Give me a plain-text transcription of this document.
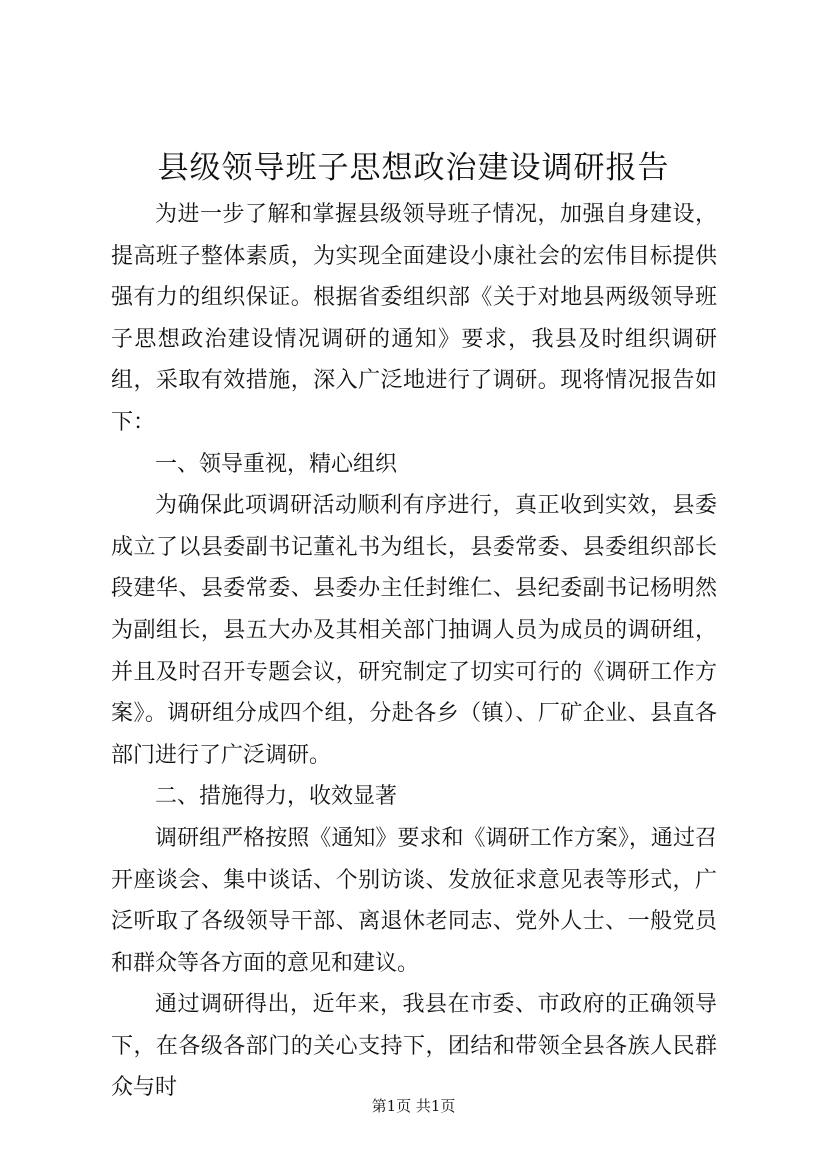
县级领导班子思想政治建设调研报告

为进一步了解和掌握县级领导班子情况，加强自身建设，提高班子整体素质，为实现全面建设小康社会的宏伟目标提供强有力的组织保证。根据省委组织部《关于对地县两级领导班子思想政治建设情况调研的通知》要求，我县及时组织调研组，采取有效措施，深入广泛地进行了调研。现将情况报告如下：

一、领导重视，精心组织

为确保此项调研活动顺利有序进行，真正收到实效，县委成立了以县委副书记董礼书为组长，县委常委、县委组织部长段建华、县委常委、县委办主任封维仁、县纪委副书记杨明然为副组长，县五大办及其相关部门抽调人员为成员的调研组，并且及时召开专题会议，研究制定了切实可行的《调研工作方案》。调研组分成四个组，分赴各乡（镇）、厂矿企业、县直各部门进行了广泛调研。

二、措施得力，收效显著

调研组严格按照《通知》要求和《调研工作方案》，通过召开座谈会、集中谈话、个别访谈、发放征求意见表等形式，广泛听取了各级领导干部、离退休老同志、党外人士、一般党员和群众等各方面的意见和建议。

通过调研得出，近年来，我县在市委、市政府的正确领导下，在各级各部门的关心支持下，团结和带领全县各族人民群众与时

第1页 共1页
